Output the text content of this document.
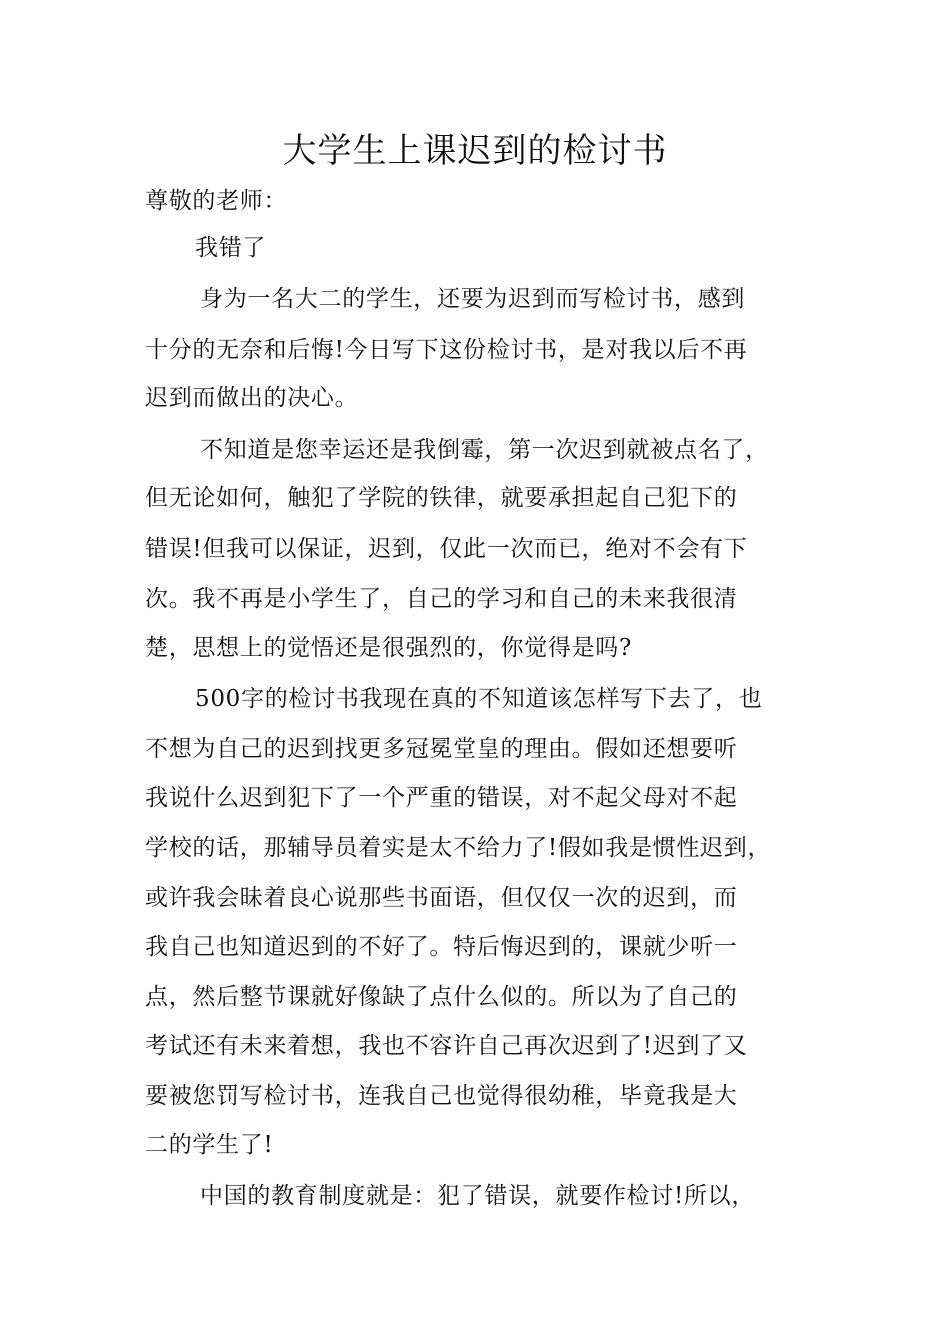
大学生上课迟到的检讨书
尊敬的老师：
我错了
身为一名大二的学生，还要为迟到而写检讨书，感到
十分的无奈和后悔!今日写下这份检讨书，是对我以后不再
迟到而做出的决心。
不知道是您幸运还是我倒霉，第一次迟到就被点名了，
但无论如何，触犯了学院的铁律，就要承担起自己犯下的
错误!但我可以保证，迟到，仅此一次而已，绝对不会有下
次。我不再是小学生了，自己的学习和自己的未来我很清
楚，思想上的觉悟还是很强烈的，你觉得是吗?
500字的检讨书我现在真的不知道该怎样写下去了，也
不想为自己的迟到找更多冠冕堂皇的理由。假如还想要听
我说什么迟到犯下了一个严重的错误，对不起父母对不起
学校的话，那辅导员着实是太不给力了!假如我是惯性迟到，
或许我会昧着良心说那些书面语，但仅仅一次的迟到，而
我自己也知道迟到的不好了。特后悔迟到的，课就少听一
点，然后整节课就好像缺了点什么似的。所以为了自己的
考试还有未来着想，我也不容许自己再次迟到了!迟到了又
要被您罚写检讨书，连我自己也觉得很幼稚，毕竟我是大
二的学生了!
中国的教育制度就是：犯了错误，就要作检讨!所以，
